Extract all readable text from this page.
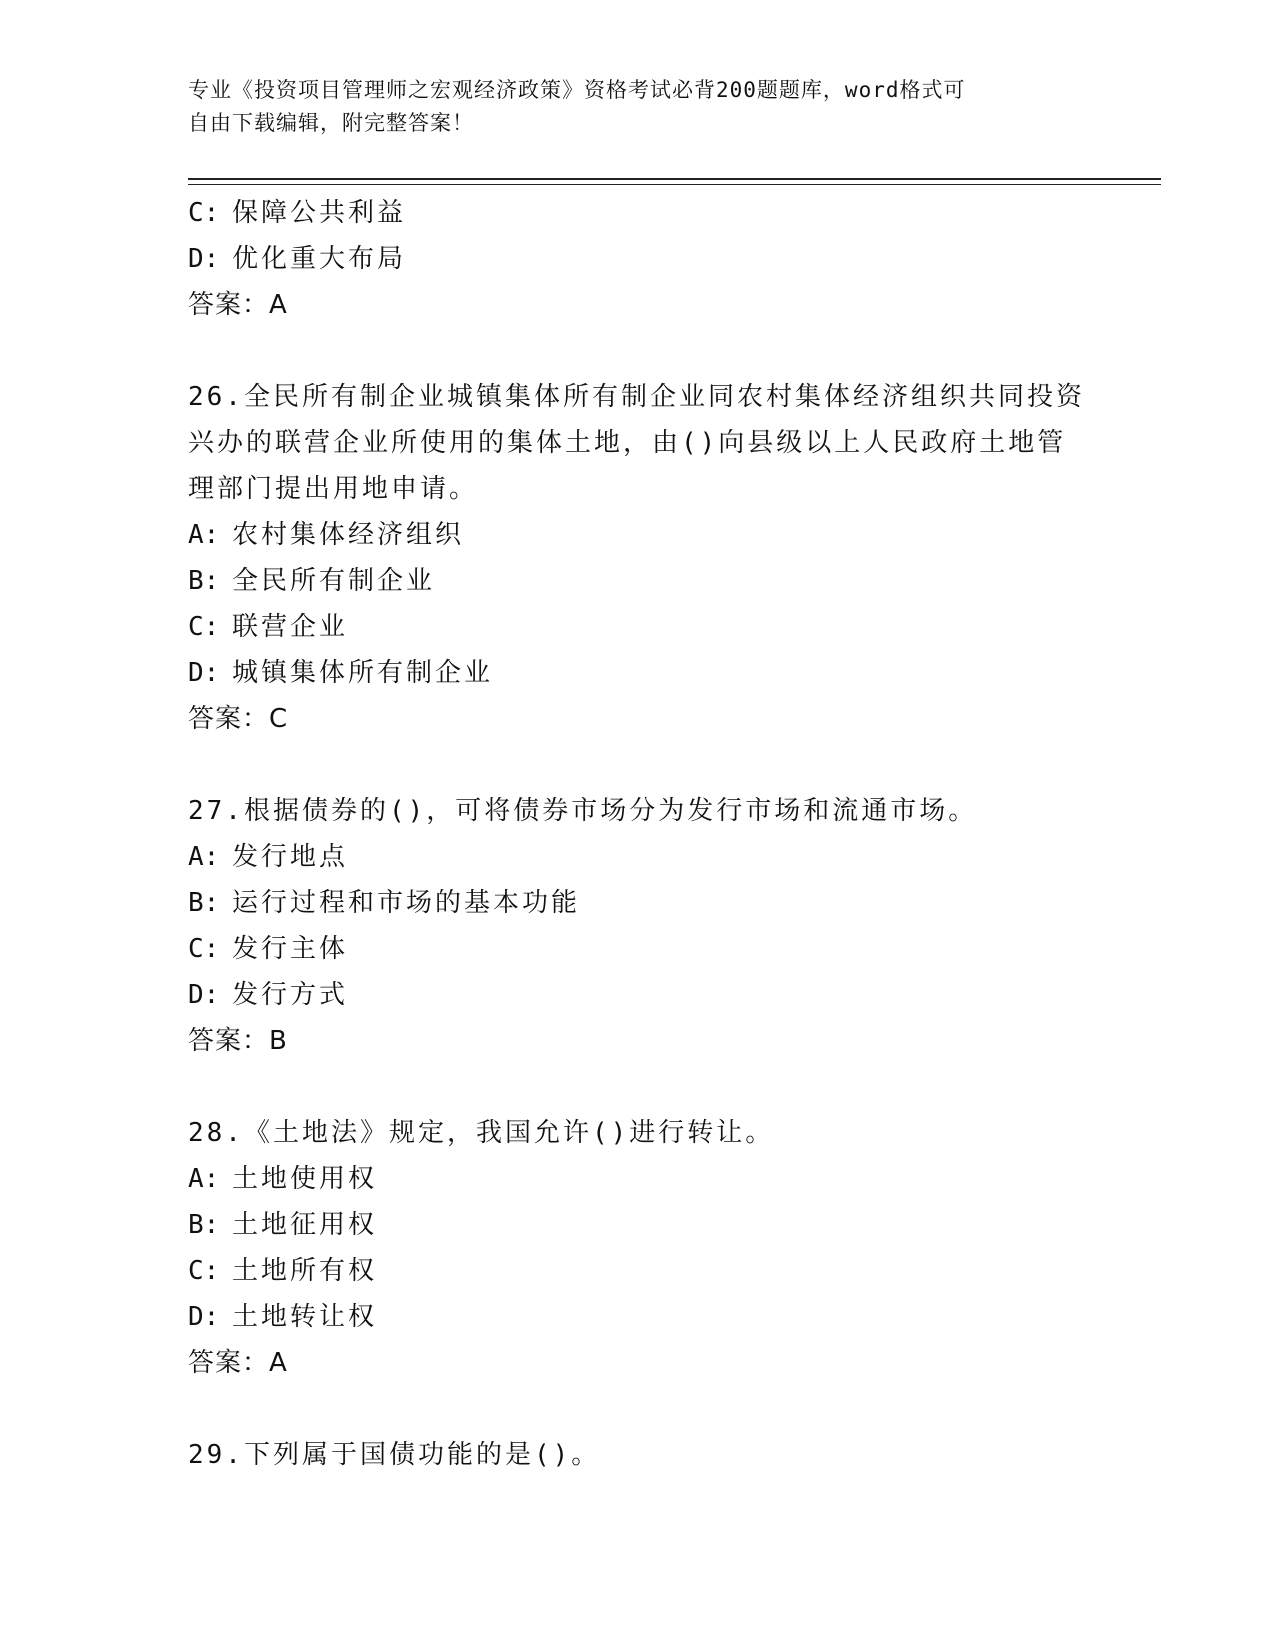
专业《投资项目管理师之宏观经济政策》资格考试必背200题题库，word格式可
自由下载编辑，附完整答案！
C: 保障公共利益
D: 优化重大布局
答案：A
26.全民所有制企业城镇集体所有制企业同农村集体经济组织共同投资
兴办的联营企业所使用的集体土地，由()向县级以上人民政府土地管
理部门提出用地申请。
A: 农村集体经济组织
B: 全民所有制企业
C: 联营企业
D: 城镇集体所有制企业
答案：C
27.根据债券的()，可将债券市场分为发行市场和流通市场。
A: 发行地点
B: 运行过程和市场的基本功能
C: 发行主体
D: 发行方式
答案：B
28.《土地法》规定，我国允许()进行转让。
A: 土地使用权
B: 土地征用权
C: 土地所有权
D: 土地转让权
答案：A
29.下列属于国债功能的是()。
